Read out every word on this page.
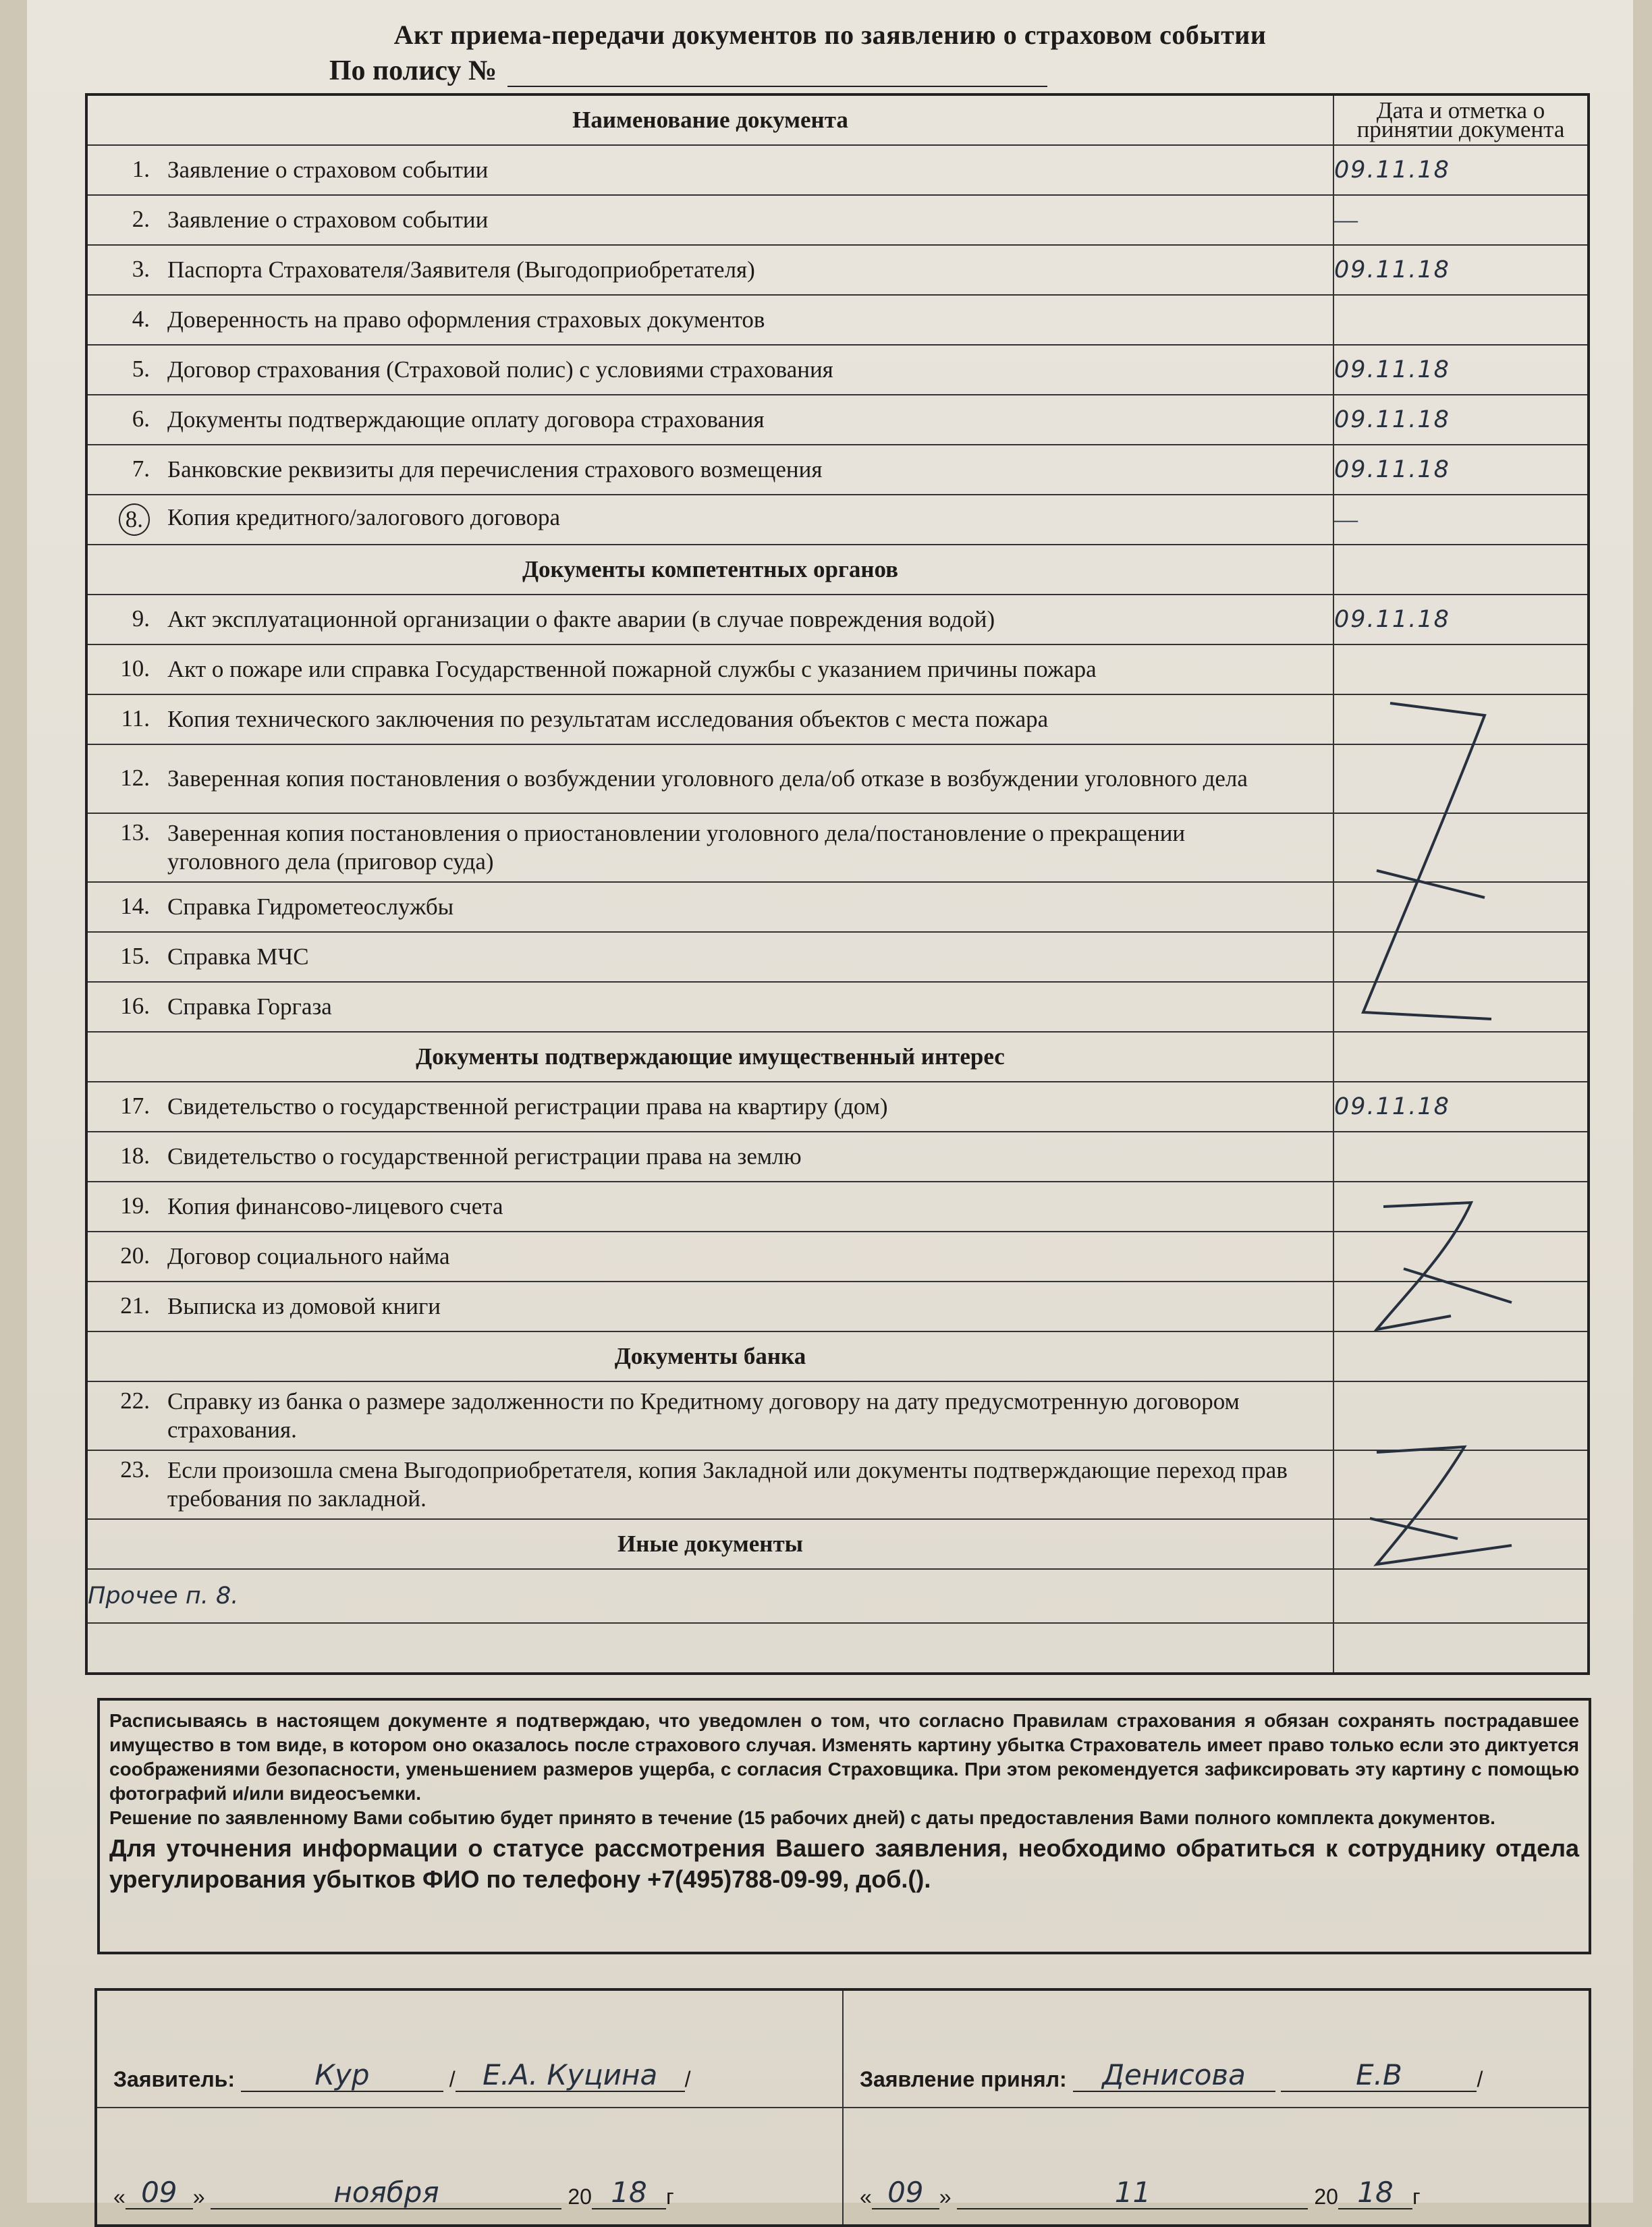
Акт приема-передачи документов по заявлению о страховом событии
По полису №
Наименование документа	Дата и отметка о принятии документа
1. Заявление о страховом событии	09.11.18
2. Заявление о страховом событии	—
3. Паспорта Страхователя/Заявителя (Выгодоприобретателя)	09.11.18
4. Доверенность на право оформления страховых документов	
5. Договор страхования (Страховой полис) с условиями страхования	09.11.18
6. Документы подтверждающие оплату договора страхования	09.11.18
7. Банковские реквизиты для перечисления страхового возмещения	09.11.18
8. Копия кредитного/залогового договора	—
Документы компетентных органов	
9. Акт эксплуатационной организации о факте аварии (в случае повреждения водой)	09.11.18
10. Акт о пожаре или справка Государственной пожарной службы с указанием причины пожара	
11. Копия технического заключения по результатам исследования объектов с места пожара	
12. Заверенная копия постановления о возбуждении уголовного дела/об отказе в возбуждении уголовного дела	
13. Заверенная копия постановления о приостановлении уголовного дела/постановление о прекращении уголовного дела (приговор суда)	
14. Справка Гидрометеослужбы	
15. Справка МЧС	
16. Справка Горгаза	
Документы подтверждающие имущественный интерес	
17. Свидетельство о государственной регистрации права на квартиру (дом)	09.11.18
18. Свидетельство о государственной регистрации права на землю	
19. Копия финансово-лицевого счета	
20. Договор социального найма	
21. Выписка из домовой книги	
Документы банка	
22. Справку из банка о размере задолженности по Кредитному договору на дату предусмотренную договором страхования.	
23. Если произошла смена Выгодоприобретателя, копия Закладной или документы подтверждающие переход прав требования по закладной.	
Иные документы	
Прочее п. 8.	

Расписываясь в настоящем документе я подтверждаю, что уведомлен о том, что согласно Правилам страхования я обязан сохранять пострадавшее имущество в том виде, в котором оно оказалось после страхового случая. Изменять картину убытка Страхователь имеет право только если это диктуется соображениями безопасности, уменьшением размеров ущерба, с согласия Страховщика. При этом рекомендуется зафиксировать эту картину с помощью фотографий и/или видеосъемки.

Решение по заявленному Вами событию будет принято в течение (15 рабочих дней) с даты предоставления Вами полного комплекта документов.

Для уточнения информации о статусе рассмотрения Вашего заявления, необходимо обратиться к сотруднику отдела урегулирования убытков ФИО по телефону +7(495)788-09-99, доб.().

Заявитель: Кур / Е.А. Куцина /	Заявление принял: Денисова Е.В /
« 09 » ноября 20 18 г	« 09 » 11 20 18 г
